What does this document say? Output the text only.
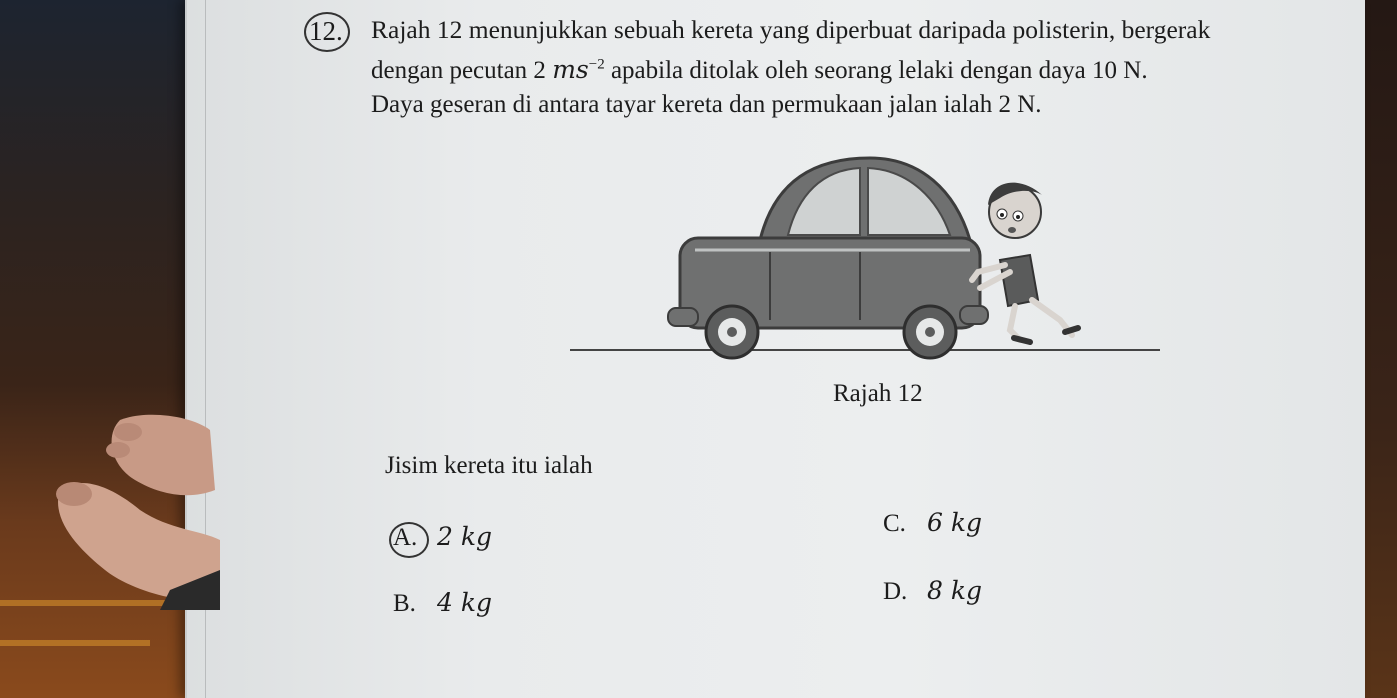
12. Rajah 12 menunjukkan sebuah kereta yang diperbuat daripada polisterin, bergerak
dengan pecutan 2 $ms^{-2}$ apabila ditolak oleh seorang lelaki dengan daya 10 N.
Daya geseran di antara tayar kereta dan permukaan jalan ialah 2 N.
Rajah 12
Jisim kereta itu ialah
A. 2 kg
B. 4 kg
C. 6 kg
D. 8 kg
